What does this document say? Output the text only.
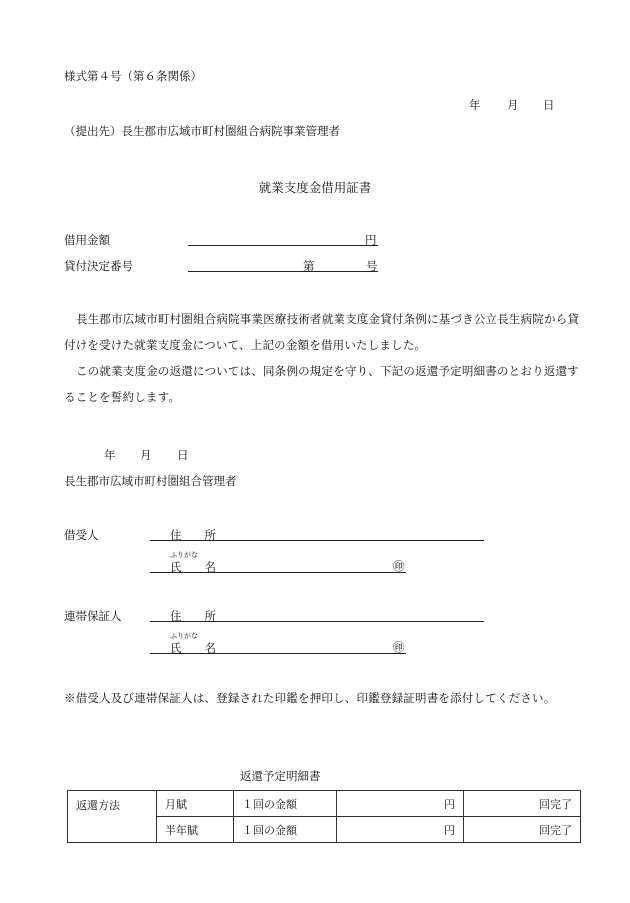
様式第４号（第６条関係）
年 月 日
（提出先）長生郡市広域市町村圏組合病院事業管理者
就業支度金借用証書
借用金額	円
貸付決定番号	第	号
長生郡市広域市町村圏組合病院事業医療技術者就業支度金貸付条例に基づき公立長生病院から貸付けを受けた就業支度金について、上記の金額を借用いたしました。
この就業支度金の返還については、同条例の規定を守り、下記の返還予定明細書のとおり返還することを誓約します。
年 月 日
長生郡市広域市町村圏組合管理者
借受人	住　　所
ふりがな
氏　　名	㊞
連帯保証人	住　　所
ふりがな
氏　　名	㊞
※借受人及び連帯保証人は、登録された印鑑を押印し、印鑑登録証明書を添付してください。
返還予定明細書
返還方法	月賦	１回の金額	円	回完了
	半年賦	１回の金額	円	回完了
